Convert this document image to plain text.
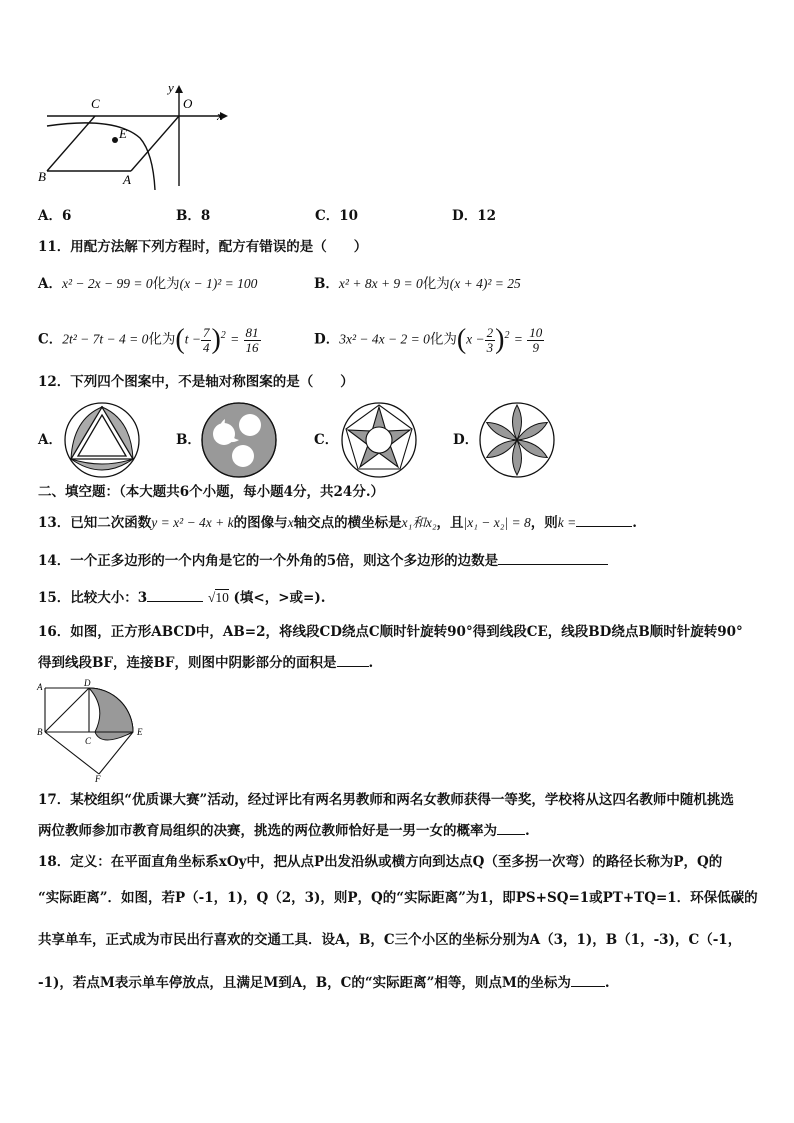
C
y
O
x
E
B	A
A．6	B．8	C．10	D．12
11．用配方法解下列方程时，配方有错误的是（　　）
A．x² − 2x − 99 = 0化为(x − 1)² = 100	B．x² + 8x + 9 = 0化为(x + 4)² = 25
C．2t² − 7t − 4 = 0化为$(t - \frac{7}{4} )^2 = \frac{81}{16}$	D．3x² − 4x − 2 = 0化为$(x - \frac{2}{3} )^2 = \frac{10}{9}$
12．下列四个图案中，不是轴对称图案的是（　　）
A．	B．	C．	D．
二、填空题：（本大题共6个小题，每小题4分，共24分.）
13．已知二次函数y = x² − 4x + k的图像与x轴交点的横坐标是x₁和x₂，且|x₁ − x₂| = 8，则k =	.
14．一个正多边形的一个内角是它的一个外角的5倍，则这个多边形的边数是
15．比较大小：3	√10 (填<，>或=).
16．如图，正方形ABCD中，AB=2，将线段CD绕点C顺时针旋转90°得到线段CE，线段BD绕点B顺时针旋转90°
得到线段BF，连接BF，则图中阴影部分的面积是 .
A	D
B
C
E
F
17．某校组织“优质课大赛”活动，经过评比有两名男教师和两名女教师获得一等奖，学校将从这四名教师中随机挑选
两位教师参加市教育局组织的决赛，挑选的两位教师恰好是一男一女的概率为 .
18．定义：在平面直角坐标系xOy中，把从点P出发沿纵或横方向到达点Q（至多拐一次弯）的路径长称为P，Q的
“实际距离”．如图，若P（-1，1)，Q（2，3)，则P，Q的“实际距离”为1，即PS+SQ=1或PT+TQ=1．环保低碳的
共享单车，正式成为市民出行喜欢的交通工具．设A，B，C三个小区的坐标分别为A（3，1)，B（1，-3)，C（-1，
-1)，若点M表示单车停放点，且满足M到A，B，C的“实际距离”相等，则点M的坐标为	.
